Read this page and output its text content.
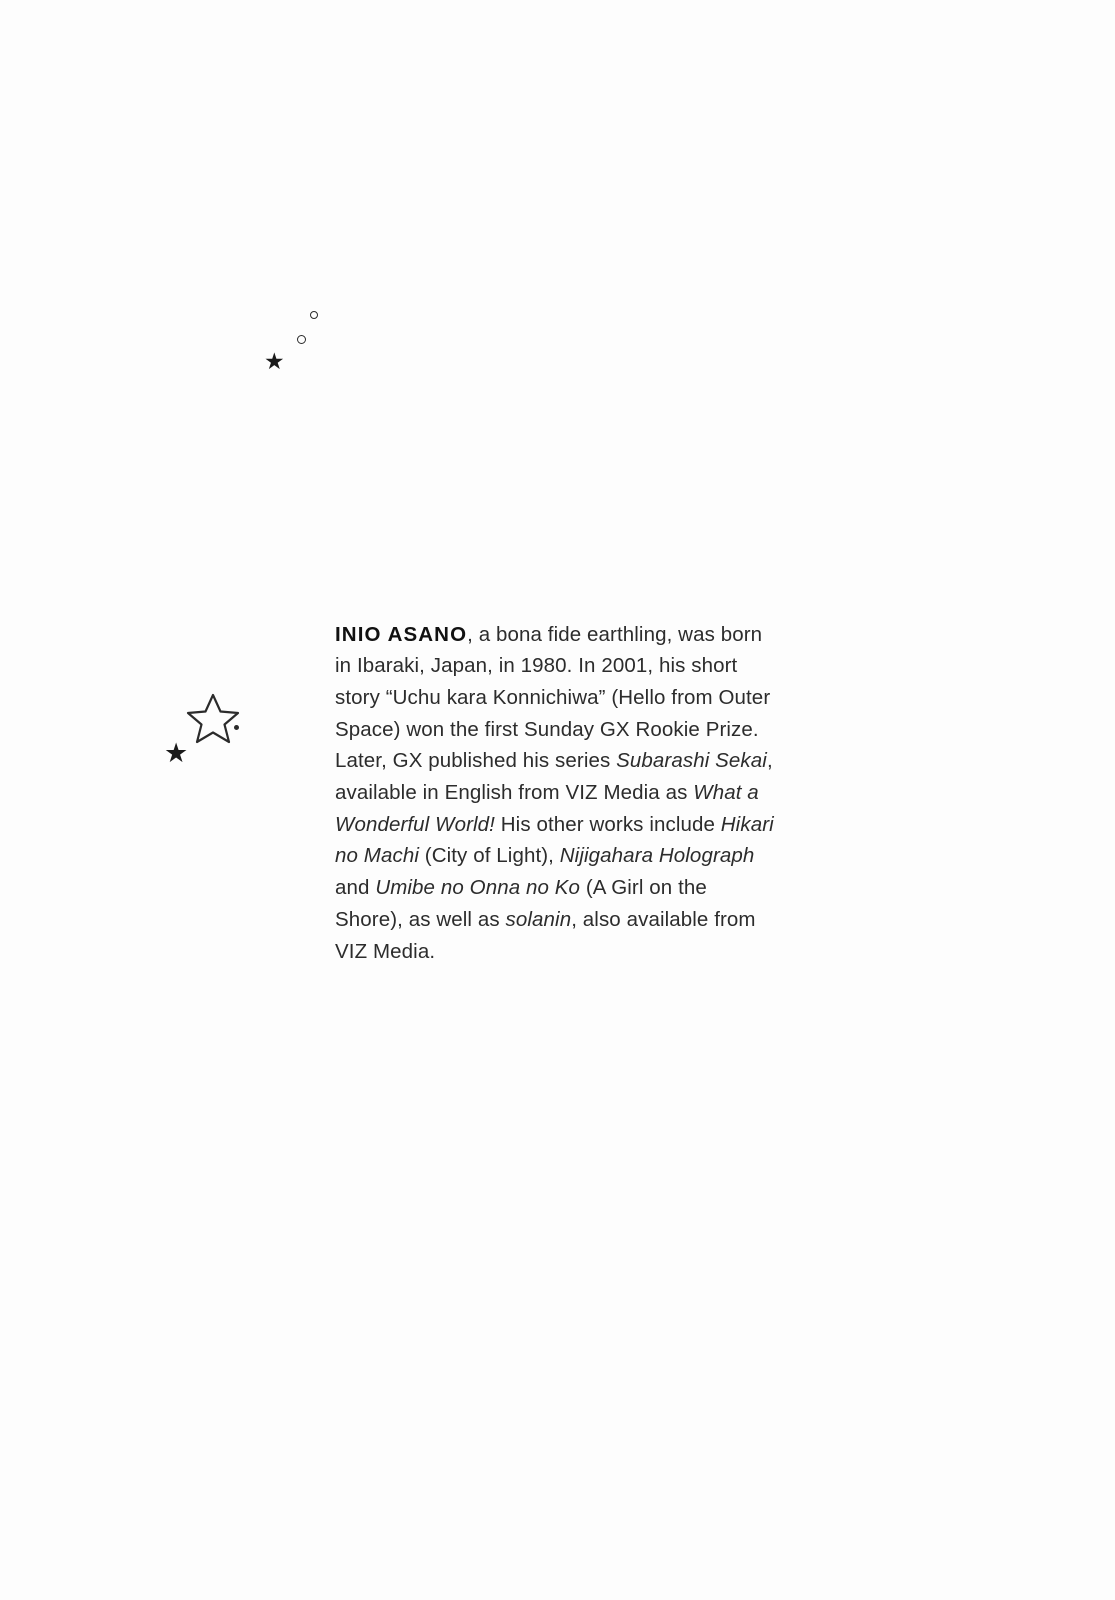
★
★

INIO ASANO, a bona fide earthling, was born in Ibaraki, Japan, in 1980. In 2001, his short story “Uchu kara Konnichiwa” (Hello from Outer Space) won the first Sunday GX Rookie Prize. Later, GX published his series Subarashi Sekai, available in English from VIZ Media as What a Wonderful World! His other works include Hikari no Machi (City of Light), Nijigahara Holograph and Umibe no Onna no Ko (A Girl on the Shore), as well as solanin, also available from VIZ Media.
